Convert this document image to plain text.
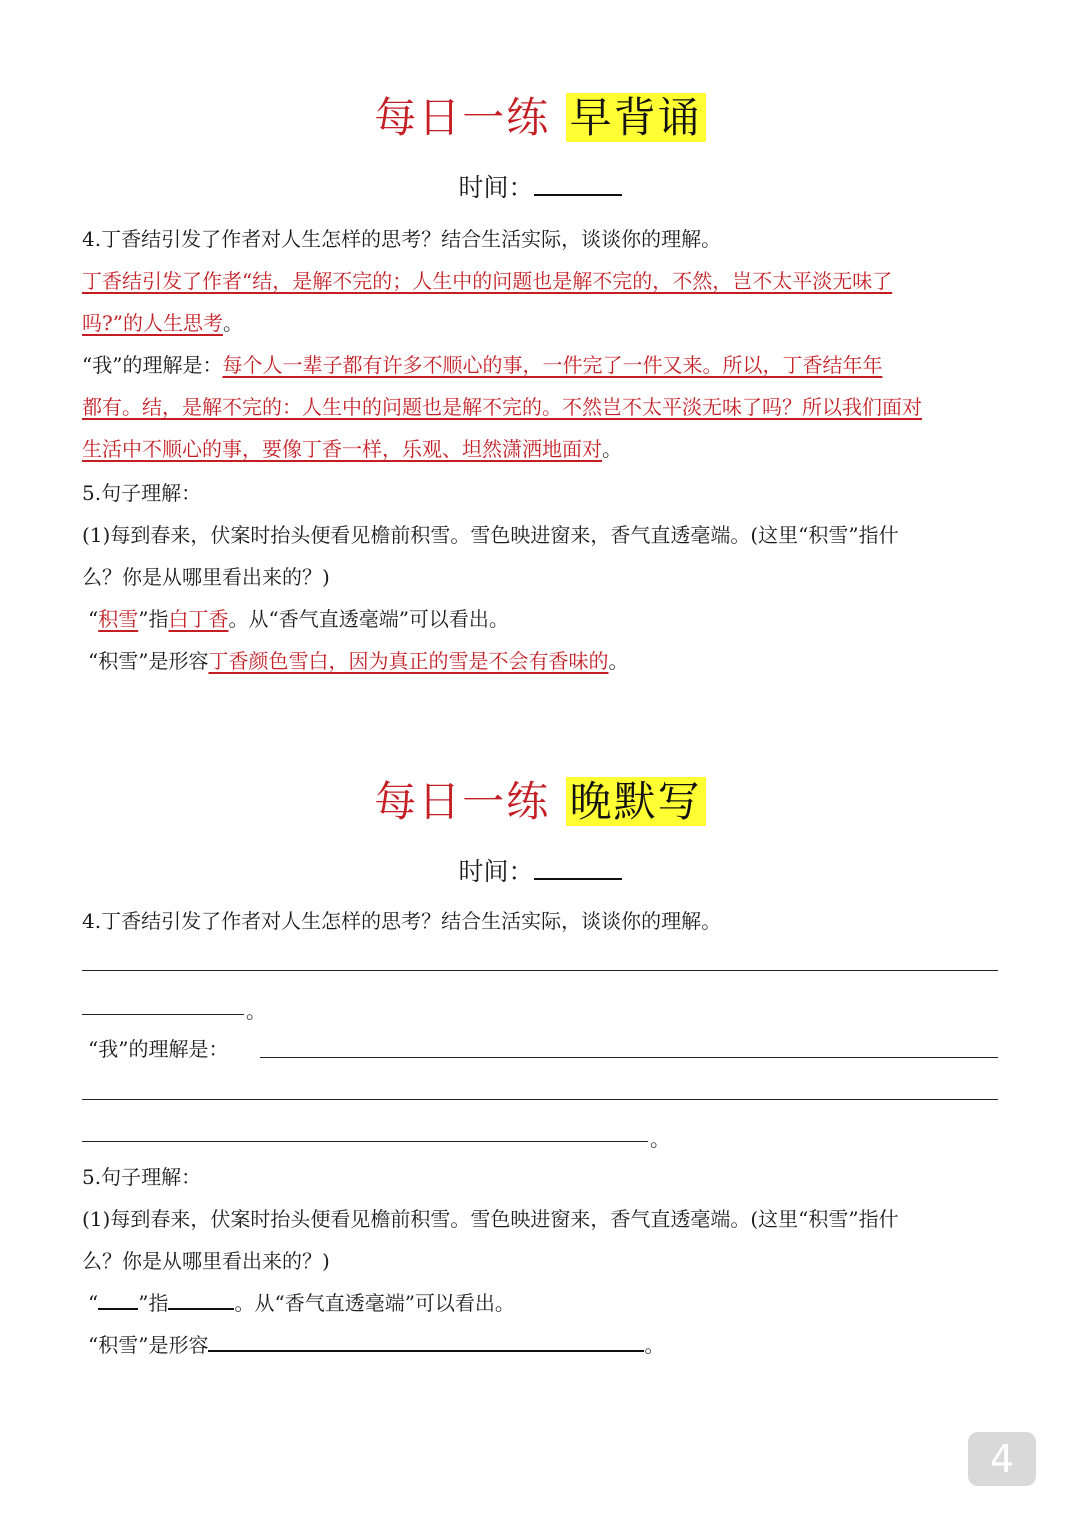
每日一练 早背诵
时间：
4.丁香结引发了作者对人生怎样的思考？结合生活实际，谈谈你的理解。
丁香结引发了作者“结，是解不完的；人生中的问题也是解不完的，不然，岂不太平淡无味了
吗?”的人生思考。
“我”的理解是：每个人一辈子都有许多不顺心的事，一件完了一件又来。所以，丁香结年年
都有。结，是解不完的：人生中的问题也是解不完的。不然岂不太平淡无味了吗？所以我们面对
生活中不顺心的事，要像丁香一样，乐观、坦然潇洒地面对。
5.句子理解：
(1)每到春来，伏案时抬头便看见檐前积雪。雪色映进窗来，香气直透毫端。(这里“积雪”指什
么？你是从哪里看出来的？)
“积雪”指白丁香。从“香气直透毫端”可以看出。
“积雪”是形容丁香颜色雪白，因为真正的雪是不会有香味的。
每日一练 晚默写
时间：
4.丁香结引发了作者对人生怎样的思考？结合生活实际，谈谈你的理解。
。
“我”的理解是：
。
5.句子理解：
(1)每到春来，伏案时抬头便看见檐前积雪。雪色映进窗来，香气直透毫端。(这里“积雪”指什
么？你是从哪里看出来的？)
“ ”指	。从“香气直透毫端”可以看出。
“积雪”是形容	。
4
